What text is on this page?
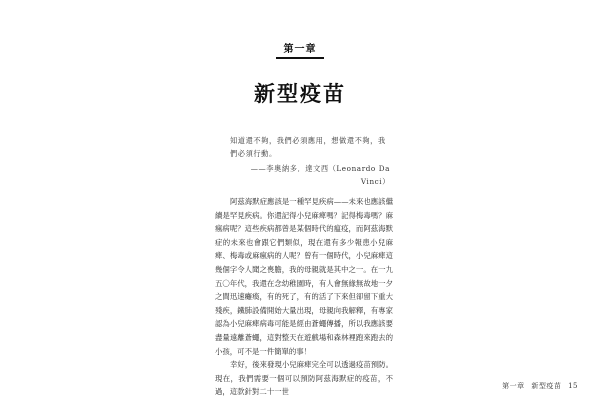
第一章
新型疫苗
知道還不夠，我們必須應用，想做還不夠，我們必須行動。
——李奧納多．達文西（Leonardo Da Vinci）

阿茲海默症應該是一種罕見疾病——未來也應該繼續是罕見疾病。你還記得小兒麻痺嗎？記得梅毒嗎？麻瘋病呢？這些疾病都曾是某個時代的瘟疫，而阿茲海默症的未來也會跟它們類似，現在還有多少報患小兒麻痺、梅毒或麻瘋病的人呢？曾有一個時代，小兒麻痺這幾個字令人聞之喪膽，我的母親就是其中之一。在一九五〇年代，我還在念幼稚園時，有人會無緣無故地一夕之間迅速癱瘓，有的死了，有的活了下來但卻留下重大殘疾，鐵肺設備開始大量出現，母親向我解釋，有專家認為小兒麻痺病毒可能是經由蒼蠅傳播，所以我應該要盡量遠離蒼蠅，這對整天在遊戲場和森林裡跑來跑去的小孩，可不是一件簡單的事！

幸好，後來發現小兒麻痺完全可以透過疫苗預防。現在，我們需要一個可以預防阿茲海默症的疫苗，不過，這款針對二十一世

第一章 新型疫苗 15
